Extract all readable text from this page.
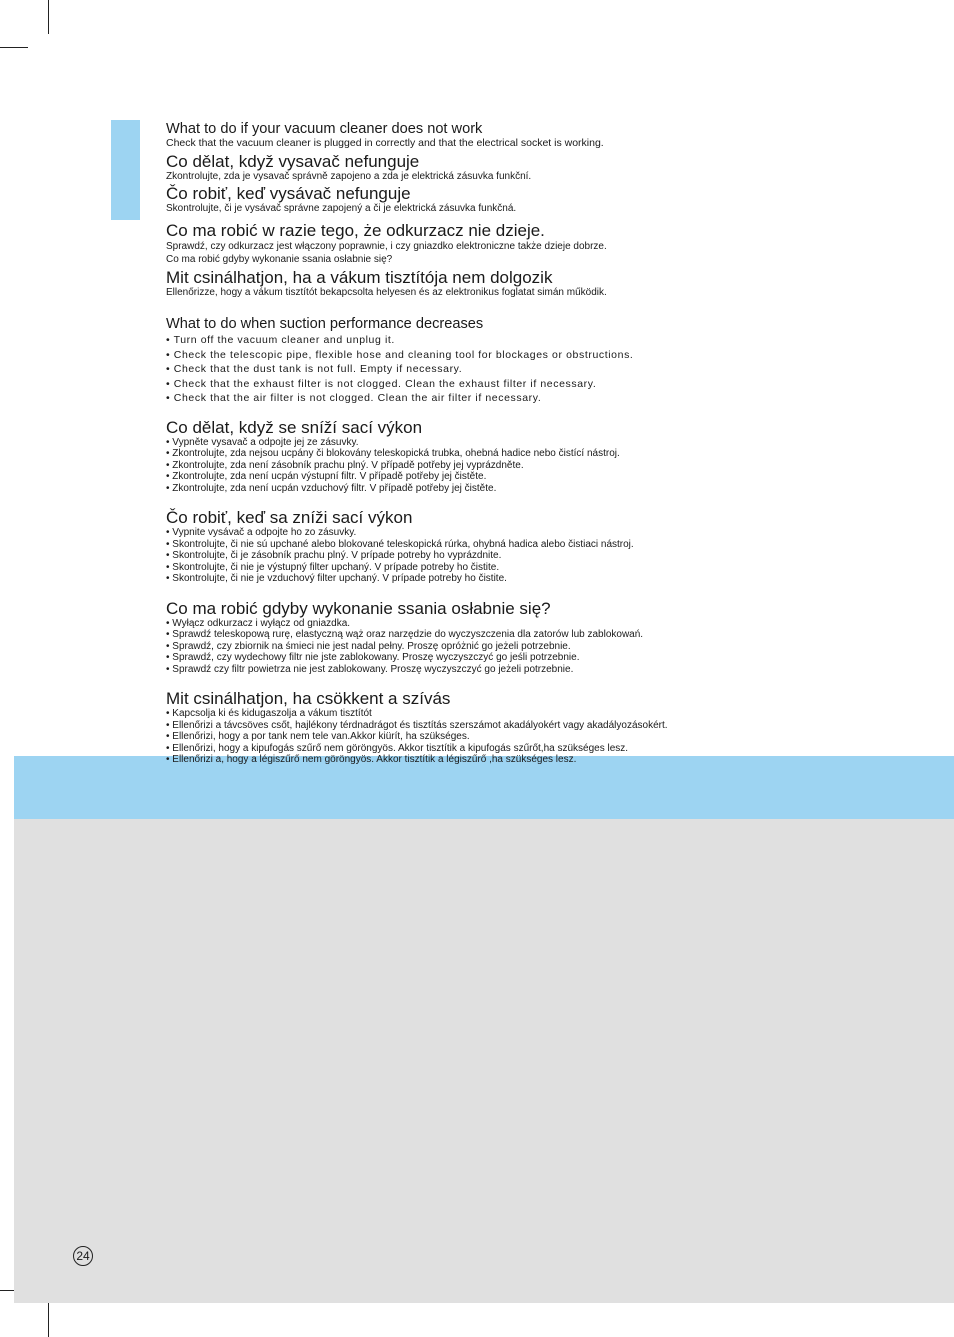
What to do if your vacuum cleaner does not work

Check that the vacuum cleaner is plugged in correctly and that the electrical socket is working.

Co dělat, když vysavač nefunguje

Zkontrolujte, zda je vysavač správně zapojeno a zda je elektrická zásuvka funkční.

Čo robiť, keď vysávač nefunguje

Skontrolujte, či je vysávač správne zapojený a či je elektrická zásuvka funkčná.

Co ma robić w razie tego, że odkurzacz nie dzieje.

Sprawdź, czy odkurzacz jest włączony poprawnie, i czy gniazdko elektroniczne także dzieje dobrze.

Co ma robić gdyby wykonanie ssania osłabnie się?

Mit csinálhatjon, ha a vákum tisztítója nem dolgozik

Ellenőrizze, hogy a vákum tisztítót bekapcsolta helyesen és az elektronikus foglatat simán működik.

What to do when suction performance decreases
• Turn off the vacuum cleaner and unplug it.
• Check the telescopic pipe, flexible hose and cleaning tool for blockages or obstructions.
• Check that the dust tank is not full. Empty if necessary.
• Check that the exhaust filter is not clogged. Clean the exhaust filter if necessary.
• Check that the air filter is not clogged. Clean the air filter if necessary.
Co dělat, když se sníží sací výkon
• Vypněte vysavač a odpojte jej ze zásuvky.
• Zkontrolujte, zda nejsou ucpány či blokovány teleskopická trubka, ohebná hadice nebo čistící nástroj.
• Zkontrolujte, zda není zásobník prachu plný. V případě potřeby jej vyprázdněte.
• Zkontrolujte, zda není ucpán výstupní filtr. V případě potřeby jej čistěte.
• Zkontrolujte, zda není ucpán vzduchový filtr. V případě potřeby jej čistěte.
Čo robiť, keď sa zníži sací výkon
• Vypnite vysávač a odpojte ho zo zásuvky.
• Skontrolujte, či nie sú upchané alebo blokované teleskopická rúrka, ohybná hadica alebo čistiaci nástroj.
• Skontrolujte, či je zásobník prachu plný. V prípade potreby ho vyprázdnite.
• Skontrolujte, či nie je výstupný filter upchaný. V prípade potreby ho čistite.
• Skontrolujte, či nie je vzduchový filter upchaný. V prípade potreby ho čistite.
Co ma robić gdyby wykonanie ssania osłabnie się?
• Wyłącz odkurzacz i wyłącz od gniazdka.
• Sprawdź teleskopową rurę, elastyczną wąż oraz narzędzie do wyczyszczenia dla zatorów lub zablokowań.
• Sprawdź, czy zbiornik na śmieci nie jest nadal pełny. Proszę opróżnić go jeżeli potrzebnie.
• Sprawdź, czy wydechowy filtr nie jste zablokowany. Proszę wyczyszczyć go jeśli potrzebnie.
• Sprawdź czy filtr powietrza nie jest zablokowany. Proszę wyczyszczyć go jeżeli potrzebnie.
Mit csinálhatjon, ha csökkent a szívás
• Kapcsolja ki és kidugaszolja a vákum tisztítót
• Ellenőrizi a távcsöves csőt, hajlékony térdnadrágot és tisztítás szerszámot akadályokért vagy akadályozásokért.
• Ellenőrizi, hogy a por tank nem tele van.Akkor kiürít, ha szükséges.
• Ellenőrizi, hogy a kipufogás szűrő nem göröngyös. Akkor tisztítik a kipufogás szűrőt,ha szükséges lesz.
• Ellenőrizi a, hogy a légiszűrő nem göröngyös. Akkor tisztítik a légiszűrő ,ha szükséges lesz.
24
